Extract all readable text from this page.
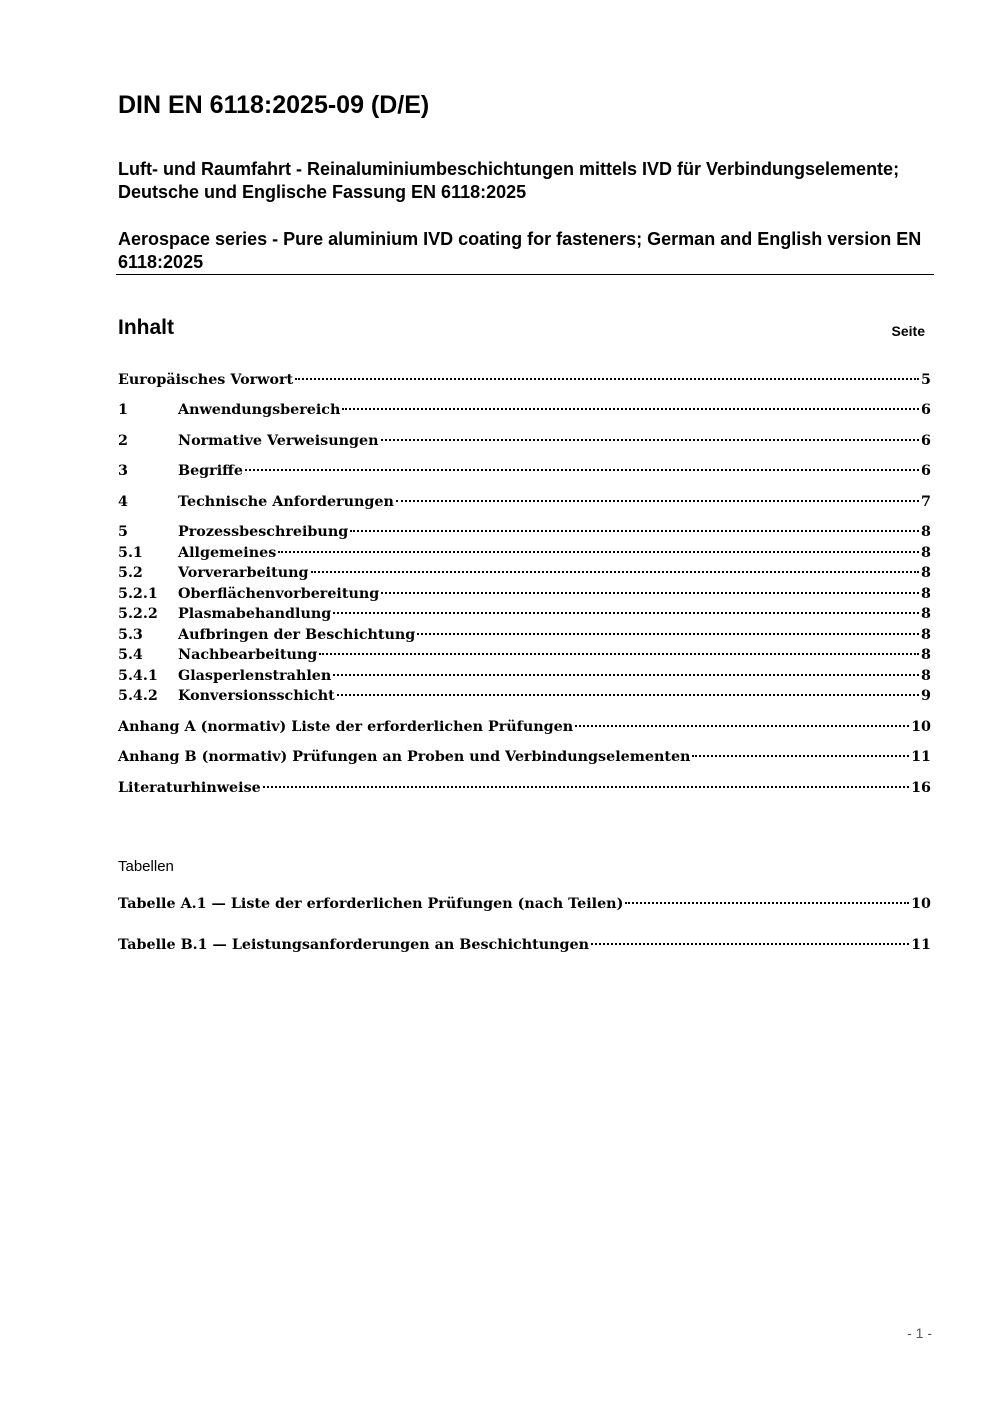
DIN EN 6118:2025-09 (D/E)

Luft- und Raumfahrt - Reinaluminiumbeschichtungen mittels IVD für Verbindungselemente; Deutsche und Englische Fassung EN 6118:2025

Aerospace series - Pure aluminium IVD coating for fasteners; German and English version EN 6118:2025

Inhalt	Seite
Europäisches Vorwort	5
1	Anwendungsbereich	6
2	Normative Verweisungen	6
3	Begriffe	6
4	Technische Anforderungen	7
5	Prozessbeschreibung	8
5.1	Allgemeines	8
5.2	Vorverarbeitung	8
5.2.1	Oberflächenvorbereitung	8
5.2.2	Plasmabehandlung	8
5.3	Aufbringen der Beschichtung	8
5.4	Nachbearbeitung	8
5.4.1	Glasperlenstrahlen	8
5.4.2	Konversionsschicht	9
Anhang A (normativ) Liste der erforderlichen Prüfungen	10
Anhang B (normativ) Prüfungen an Proben und Verbindungselementen	11
Literaturhinweise	16
Tabellen
Tabelle A.1 — Liste der erforderlichen Prüfungen (nach Teilen)	10
Tabelle B.1 — Leistungsanforderungen an Beschichtungen	11
- 1 -
